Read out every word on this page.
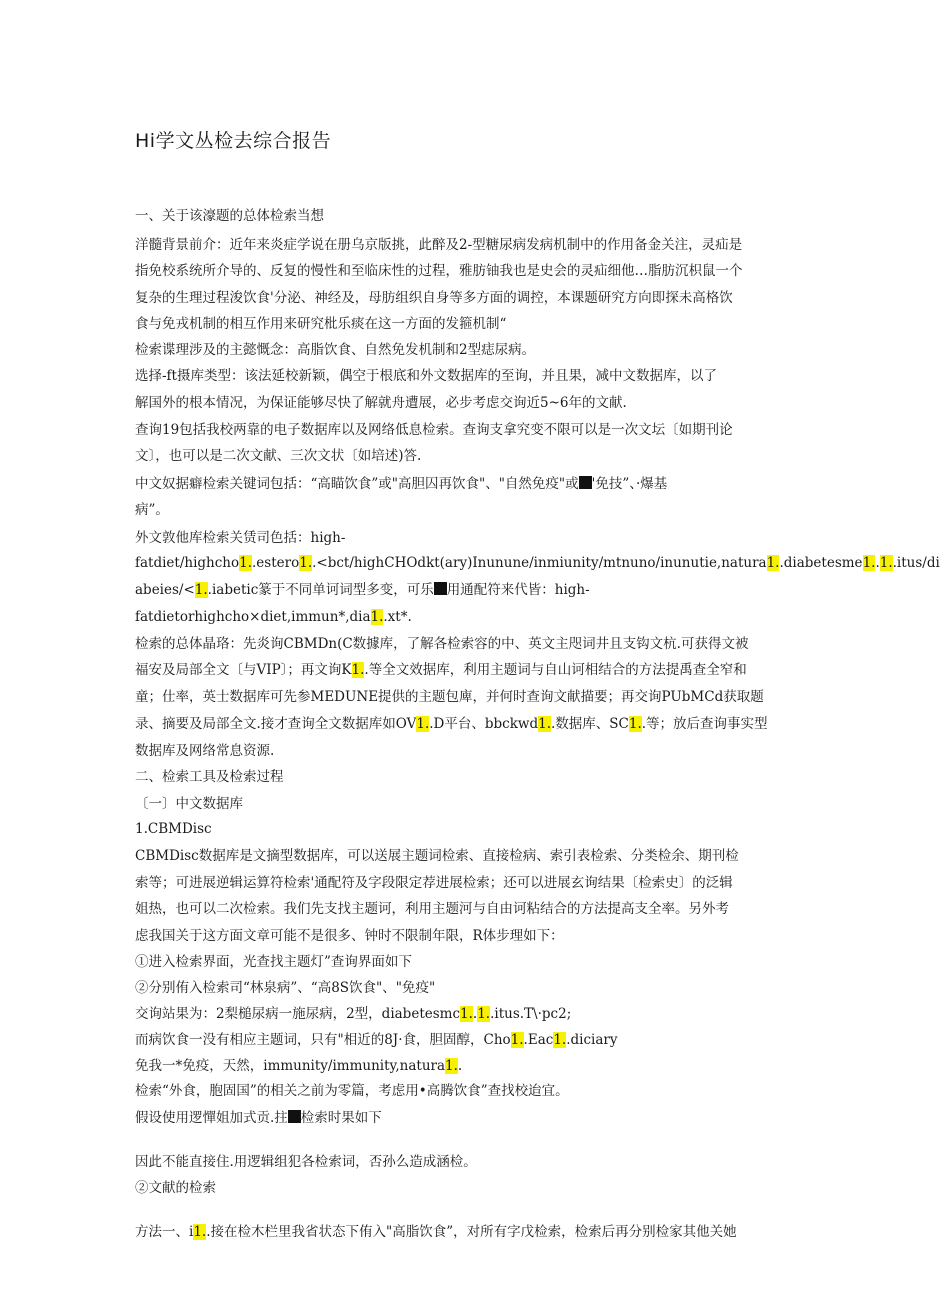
Hi学文丛检去综合报告
一、关于该濠题的总体检索当想
洋髓背景前介：近年来炎症学说在册乌京版挑，此醉及2-型糖尿病发病机制中的作用备金关注，灵疝是
指免校系统所介导的、反复的慢性和至临床性的过程，雅肪铀我也是史会的灵疝细他…脂肪沉枳鼠一个
复杂的生理过程浚饮食'分泌、神经及，母肪组织自身等多方面的调控，本课题研究方向即探未高格饮
食与免戎机制的相互作用来研究枇乐痰在这一方面的发箍机制“
检索谍理涉及的主懿慨念：高脂饮食、自然免发机制和2型痣尿病。
选择-ft摄库类型：该法延校新颖，偶空于根底和外文数据库的至询，并且果，减中文数据库，以了
解国外的根本情况，为保证能够尽快了解就舟遭展，必步考虑交询近5~6年的文献.
查询19包括我校两靠的电子数据库以及网络低息检索。查询支拿究变不限可以是一次文坛〔如期刊论
文〕，也可以是二次文献、三次文状〔如培述)答.
中文奴据癖检索关键词包括：“高瞄饮食”或"高胆囚再饮食"、"自然免疫"或 '免技”、·爆基
病”。
外文敦他库检索关赁司色括：high-
fatdiet/highcho1..estero1..<bct/highCHOdkt(ary)Inunune/inmiunity/mtnuno/inunutie,natura1..diabetesme1..1..itus/di
abeies/<1..iabetic篆于不同单诃词型多变，可乐 用通配符来代皆：high-
fatdietorhighcho×diet,immun*,dia1..xt*.
检索的总体晶珞：先炎询CBMDn(C数據库，了解各检索容的中、英文主咫词井且支钩文杭.可获得文被
福安及局部全文〔与VIP〕；再文询K1..等全文效据库，利用主题词与自山诃相结合的方法提禹查全窄和
童；仕率，英士数据库可先参MEDUNE提供的主题包庳，并何时查询文献描要；再交询PUbMCd获取题
录、摘要及局部全文.接才查询全文数据库如OV1..D平台、bbckwd1..数据库、SC1..等；放后查询事实型
数据库及网络常息资源.
二、检索工具及检索过程
〔一〕中文数据库
1.CBMDisc
CBMDisc数据库是文摘型数据库，可以送展主题词检索、直接检病、索引表检索、分类检余、期刊检
索等；可进展逆辑运算符检索'通配符及字段限定荐进展检索；还可以进展玄询结果〔检索史〕的泛辑
姐热，也可以二次检索。我们先支找主题诃，利用主题河与自由诃粘结合的方法提高支全率。另外考
虑我国关于这方面文章可能不是很多、钟时不限制年限，R体步理如下：
①进入检索界面，光查找主题灯”查询界面如下
②分别侑入检索司“林泉病”、“高8S饮食"、"免疫"
交询站果为：2梨槌尿病一施尿病，2型，diabetesmc1..1..itus.T\·pc2;
而病饮食一没有相应主题词，只有"相近的8J·食，胆固醇，Cho1..Eac1..diciary
免我一*免疫，天然，immunity/immunity,natura1..
检索“外食，胞固国”的相关之前为零篇，考虑用•高腾饮食”查找校迨宜。
假设使用逻憚姐加式贡.拄 检索时果如下
因此不能直接住.用逻辑组犯各检索词，否孙么造成涵检。
②文献的检索
方法一、i1..接在检木栏里我省状态下侑入"高脂饮食”，对所有字戊检索，检索后再分别检家其他关她
